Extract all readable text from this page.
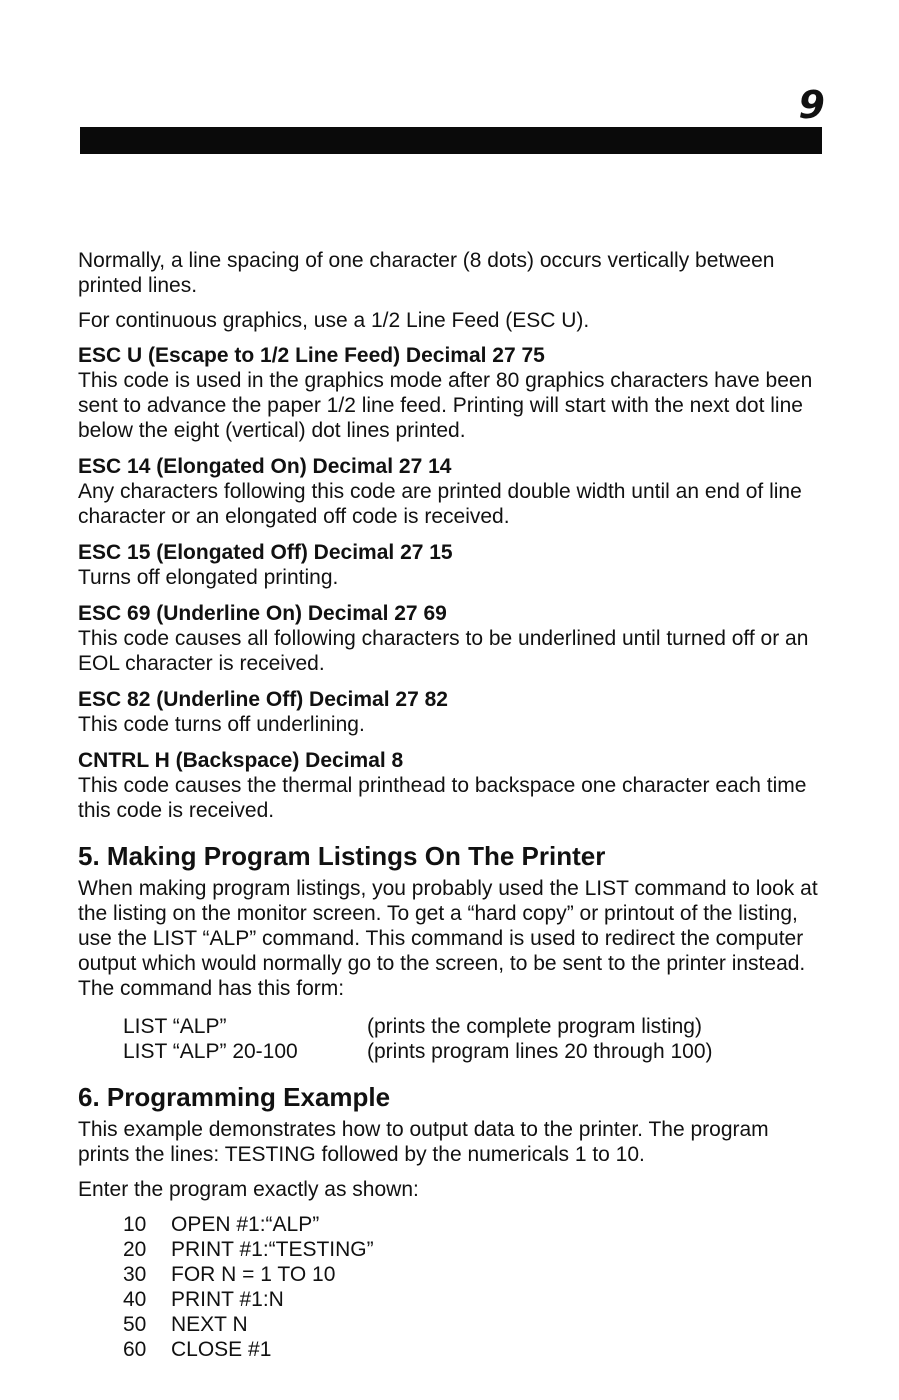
9

Normally, a line spacing of one character (8 dots) occurs vertically between printed lines.

For continuous graphics, use a 1/2 Line Feed (ESC U).

ESC U (Escape to 1/2 Line Feed) Decimal 27 75
This code is used in the graphics mode after 80 graphics characters have been sent to advance the paper 1/2 line feed. Printing will start with the next dot line below the eight (vertical) dot lines printed.
ESC 14 (Elongated On) Decimal 27 14
Any characters following this code are printed double width until an end of line character or an elongated off code is received.
ESC 15 (Elongated Off) Decimal 27 15
Turns off elongated printing.
ESC 69 (Underline On) Decimal 27 69
This code causes all following characters to be underlined until turned off or an EOL character is received.
ESC 82 (Underline Off) Decimal 27 82
This code turns off underlining.
CNTRL H (Backspace) Decimal 8
This code causes the thermal printhead to backspace one character each time this code is received.
5. Making Program Listings On The Printer
When making program listings, you probably used the LIST command to look at the listing on the monitor screen. To get a “hard copy” or printout of the listing, use the LIST “ALP” command. This command is used to redirect the computer output which would normally go to the screen, to be sent to the printer instead. The command has this form:
LIST “ALP”	(prints the complete program listing)
LIST “ALP” 20-100	(prints program lines 20 through 100)
6. Programming Example

This example demonstrates how to output data to the printer. The program prints the lines: TESTING followed by the numericals 1 to 10.

Enter the program exactly as shown:
10	OPEN #1:“ALP”
20	PRINT #1:“TESTING”
30	FOR N = 1 TO 10
40	PRINT #1:N
50	NEXT N
60	CLOSE #1
